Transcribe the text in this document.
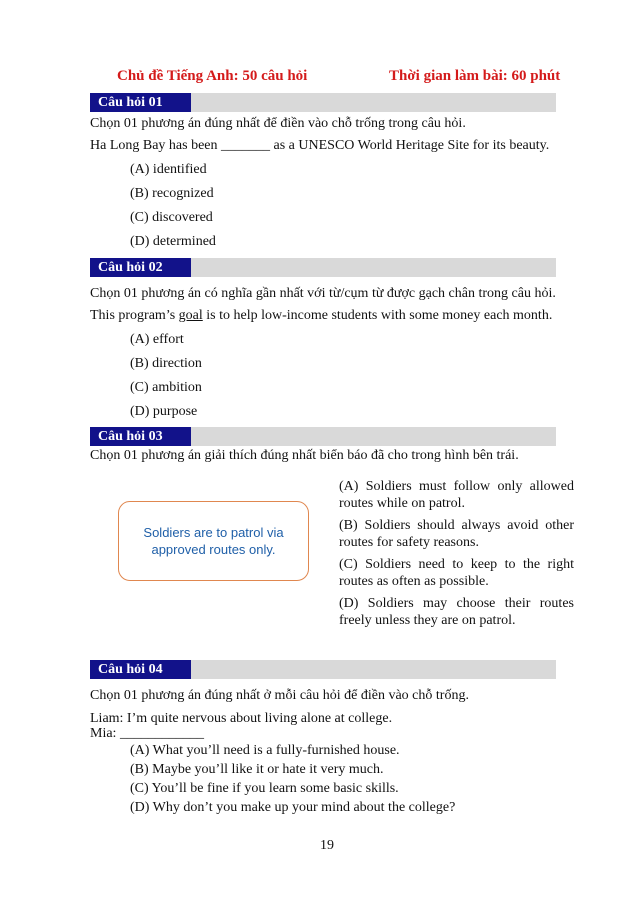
Chủ đề Tiếng Anh: 50 câu hỏi	Thời gian làm bài: 60 phút
Câu hỏi 01
Chọn 01 phương án đúng nhất để điền vào chỗ trống trong câu hỏi.
Ha Long Bay has been _______ as a UNESCO World Heritage Site for its beauty.
(A) identified
(B) recognized
(C) discovered
(D) determined
Câu hỏi 02
Chọn 01 phương án có nghĩa gần nhất với từ/cụm từ được gạch chân trong câu hỏi.
This program’s goal is to help low-income students with some money each month.
(A) effort
(B) direction
(C) ambition
(D) purpose
Câu hỏi 03
Chọn 01 phương án giải thích đúng nhất biển báo đã cho trong hình bên trái.
Soldiers are to patrol via approved routes only.
(A) Soldiers must follow only allowed routes while on patrol.
(B) Soldiers should always avoid other routes for safety reasons.
(C) Soldiers need to keep to the right routes as often as possible.
(D) Soldiers may choose their routes freely unless they are on patrol.
Câu hỏi 04
Chọn 01 phương án đúng nhất ở mỗi câu hỏi để điền vào chỗ trống.
Liam: I’m quite nervous about living alone at college.
Mia: ____________
(A) What you’ll need is a fully-furnished house.
(B) Maybe you’ll like it or hate it very much.
(C) You’ll be fine if you learn some basic skills.
(D) Why don’t you make up your mind about the college?
19
